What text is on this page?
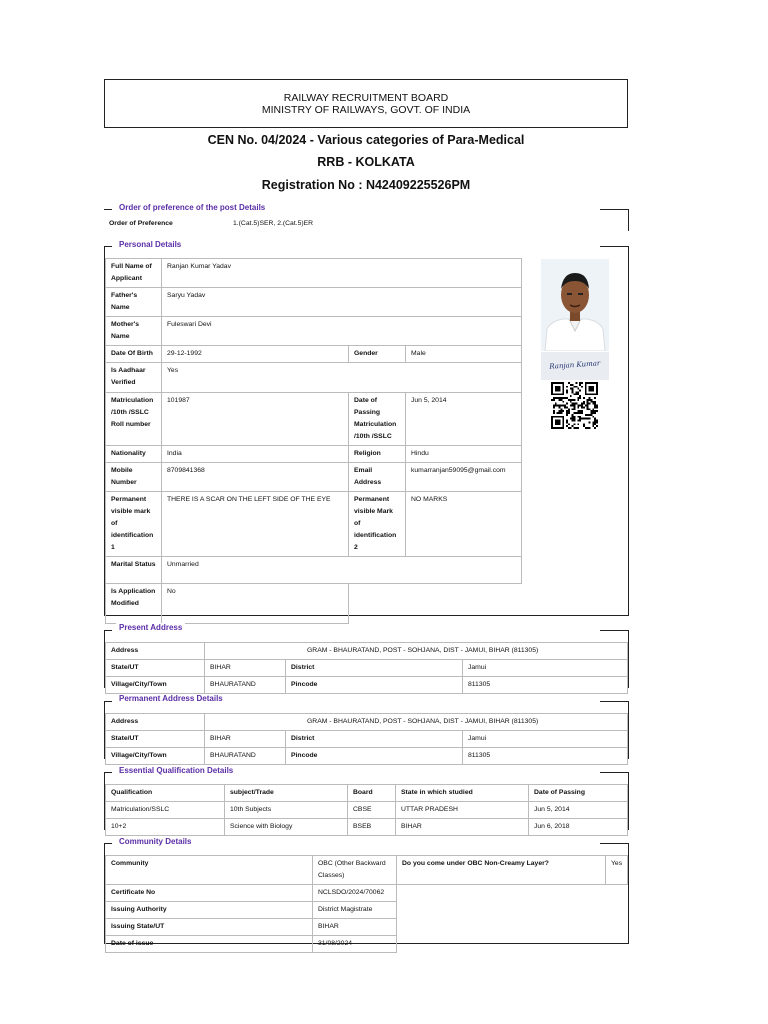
RAILWAY RECRUITMENT BOARD
MINISTRY OF RAILWAYS, GOVT. OF INDIA
CEN No. 04/2024 - Various categories of Para-Medical
RRB - KOLKATA
Registration No : N42409225526PM
Order of preference of the post Details
Order of Preference	1.(Cat.5)SER, 2.(Cat.5)ER
Personal Details
Full Name of Applicant	Ranjan Kumar Yadav		
Father's Name	Saryu Yadav		
Mother's Name	Fuleswari Devi		
Date Of Birth	29-12-1992	Gender	Male
Is Aadhaar Verified	Yes		
Matriculation /10th /SSLC Roll number	101987	Date of Passing Matriculation /10th /SSLC	Jun 5, 2014
Nationality	India	Religion	Hindu
Mobile Number	8709841368	Email Address	kumarranjan59095@gmail.com
Permanent visible mark of identification 1	THERE IS A SCAR ON THE LEFT SIDE OF THE EYE	Permanent visible Mark of identification 2	NO MARKS
Marital Status	Unmarried		
Is Application Modified	No		
Ranjan Kumar
Present Address
Address	GRAM - BHAURATAND, POST - SOHJANA, DIST - JAMUI, BIHAR (811305)		
State/UT	BIHAR	District	Jamui
Village/City/Town	BHAURATAND	Pincode	811305
Permanent Address Details
Address	GRAM - BHAURATAND, POST - SOHJANA, DIST - JAMUI, BIHAR (811305)		
State/UT	BIHAR	District	Jamui
Village/City/Town	BHAURATAND	Pincode	811305
Essential Qualification Details
Qualification	subject/Trade	Board	State in which studied	Date of Passing
Matriculation/SSLC	10th Subjects	CBSE	UTTAR PRADESH	Jun 5, 2014
10+2	Science with Biology	BSEB	BIHAR	Jun 6, 2018
Community Details
Community	OBC (Other Backward Classes)	Do you come under OBC Non-Creamy Layer?	Yes
Certificate No	NCLSDO/2024/70062		
Issuing Authority	District Magistrate		
Issuing State/UT	BIHAR		
Date of issue	31/08/2024		
